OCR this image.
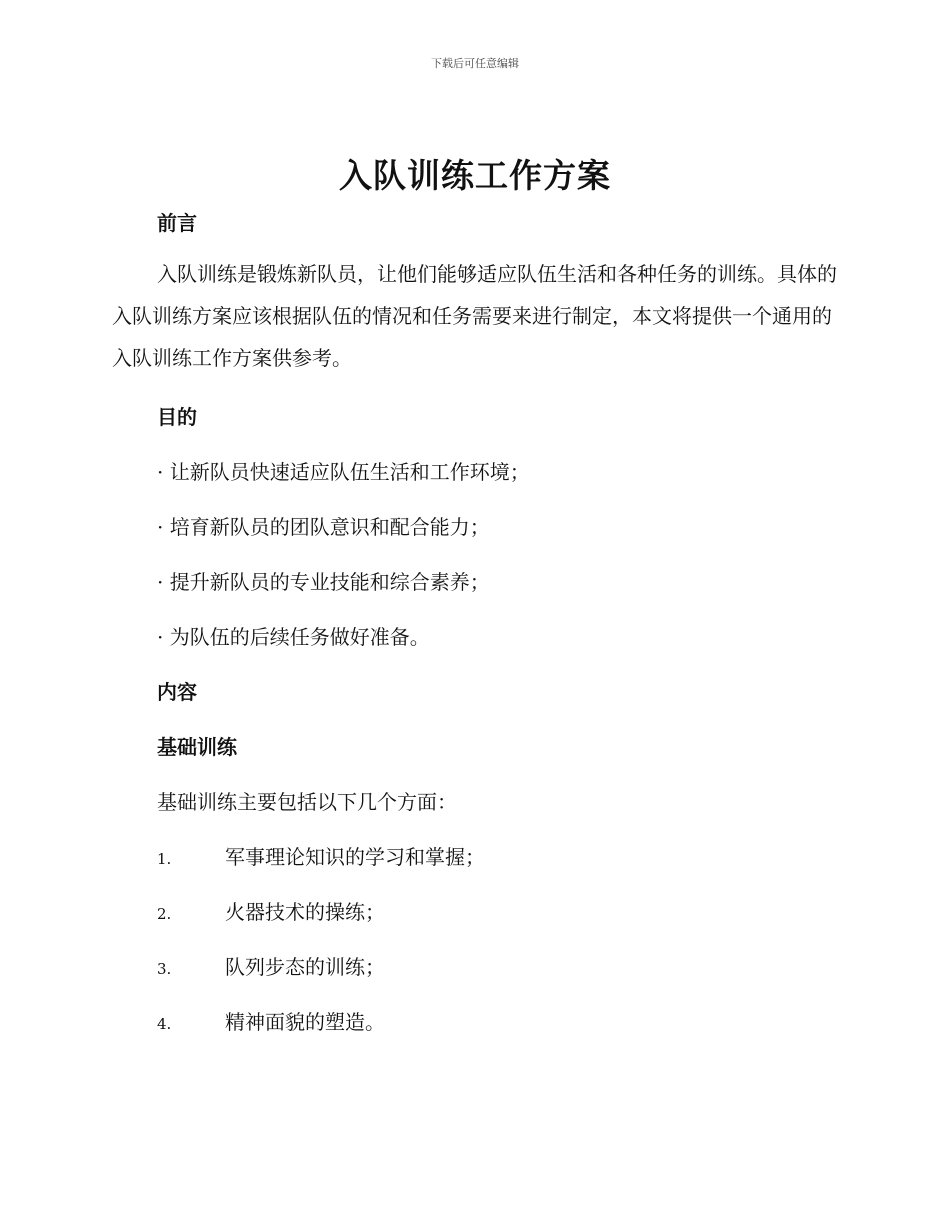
下载后可任意编辑
入队训练工作方案
前言

入队训练是锻炼新队员，让他们能够适应队伍生活和各种任务的训练。具体的入队训练方案应该根据队伍的情况和任务需要来进行制定，本文将提供一个通用的入队训练工作方案供参考。

目的

· 让新队员快速适应队伍生活和工作环境；

· 培育新队员的团队意识和配合能力；

· 提升新队员的专业技能和综合素养；

· 为队伍的后续任务做好准备。

内容
基础训练

基础训练主要包括以下几个方面：

1.	军事理论知识的学习和掌握；
2.	火器技术的操练；
3.	队列步态的训练；
4.	精神面貌的塑造。
